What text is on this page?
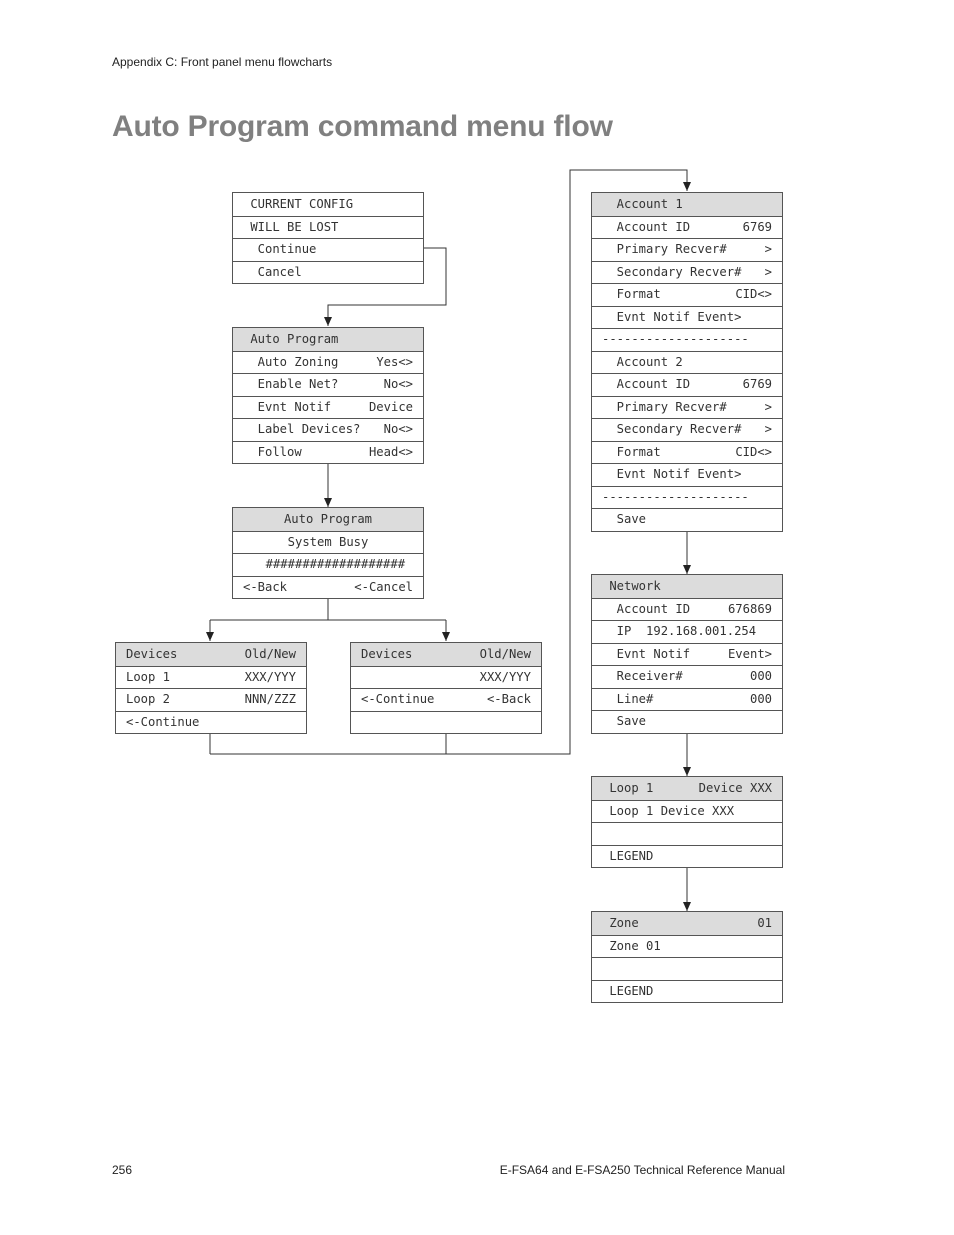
Appendix C: Front panel menu flowcharts
Auto Program command menu flow
CURRENT CONFIG
WILL BE LOST
Continue
Cancel
Auto Program
Auto Zoning	Yes<>
Enable Net?	No<>
Evnt Notif	Device
Label Devices? No<>
Follow	Head<>
Auto Program
System Busy
###################
<-Back	<-Cancel
Devices	Old/New
Loop 1	XXX/YYY
Loop 2	NNN/ZZZ
<-Continue
Devices	Old/New
XXX/YYY
<-Continue	<-Back
Account 1
Account ID	6769
Primary Recver#	>
Secondary Recver# >
Format	CID<>
Evnt Notif Event>
--------------------
Account 2
Account ID	6769
Primary Recver#	>
Secondary Recver# >
Format	CID<>
Evnt Notif Event>
--------------------
Save
Network
Account ID	676869
IP  192.168.001.254
Evnt Notif	Event>
Receiver#	000
Line#	000
Save
Loop 1	Device XXX
Loop 1 Device XXX
LEGEND
Zone	01
Zone 01
LEGEND
256	E-FSA64 and E-FSA250 Technical Reference Manual
